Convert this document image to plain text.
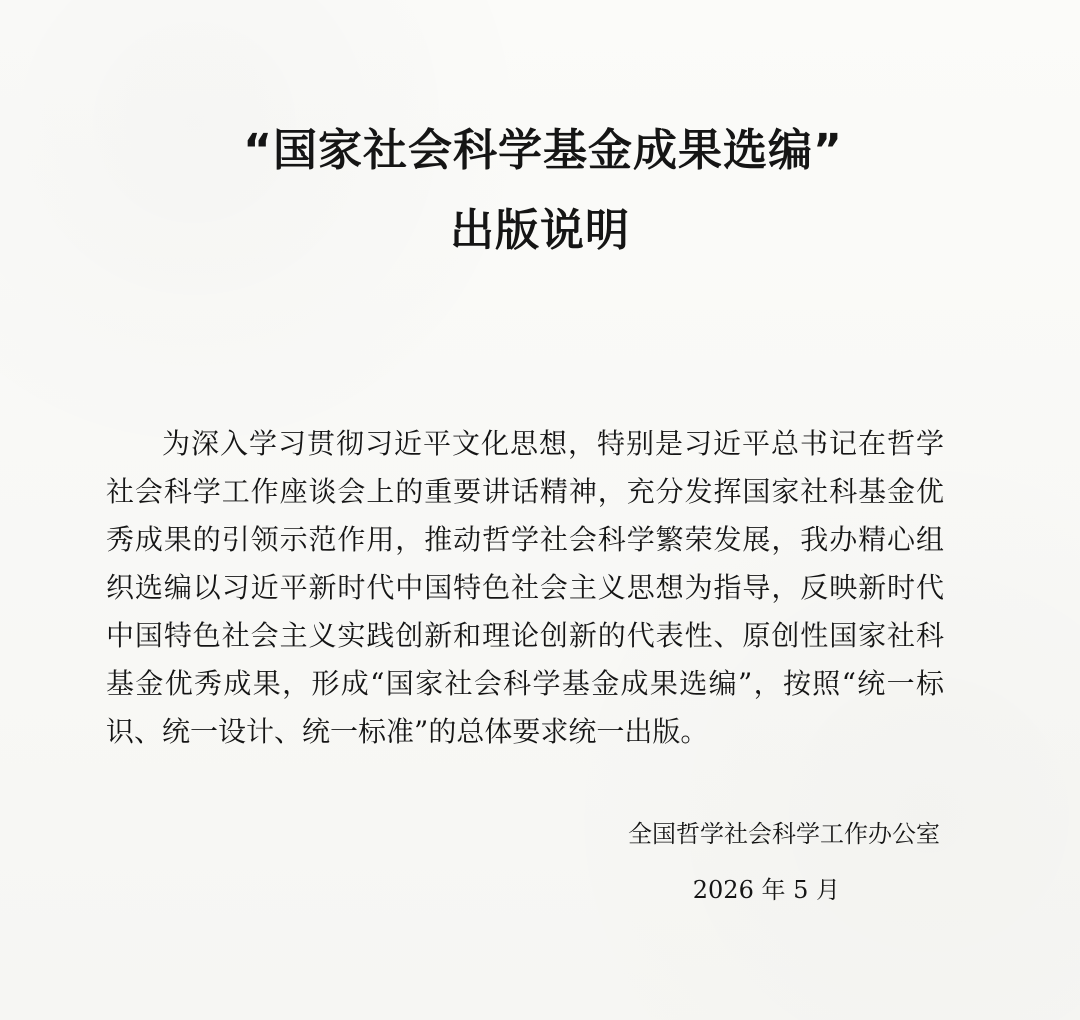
“国家社会科学基金成果选编”
出版说明
为深入学习贯彻习近平文化思想，特别是习近平总书记在哲学社会科学工作座谈会上的重要讲话精神，充分发挥国家社科基金优秀成果的引领示范作用，推动哲学社会科学繁荣发展，我办精心组织选编以习近平新时代中国特色社会主义思想为指导，反映新时代中国特色社会主义实践创新和理论创新的代表性、原创性国家社科基金优秀成果，形成“国家社会科学基金成果选编”，按照“统一标识、统一设计、统一标准”的总体要求统一出版。
全国哲学社会科学工作办公室
2026 年 5 月
